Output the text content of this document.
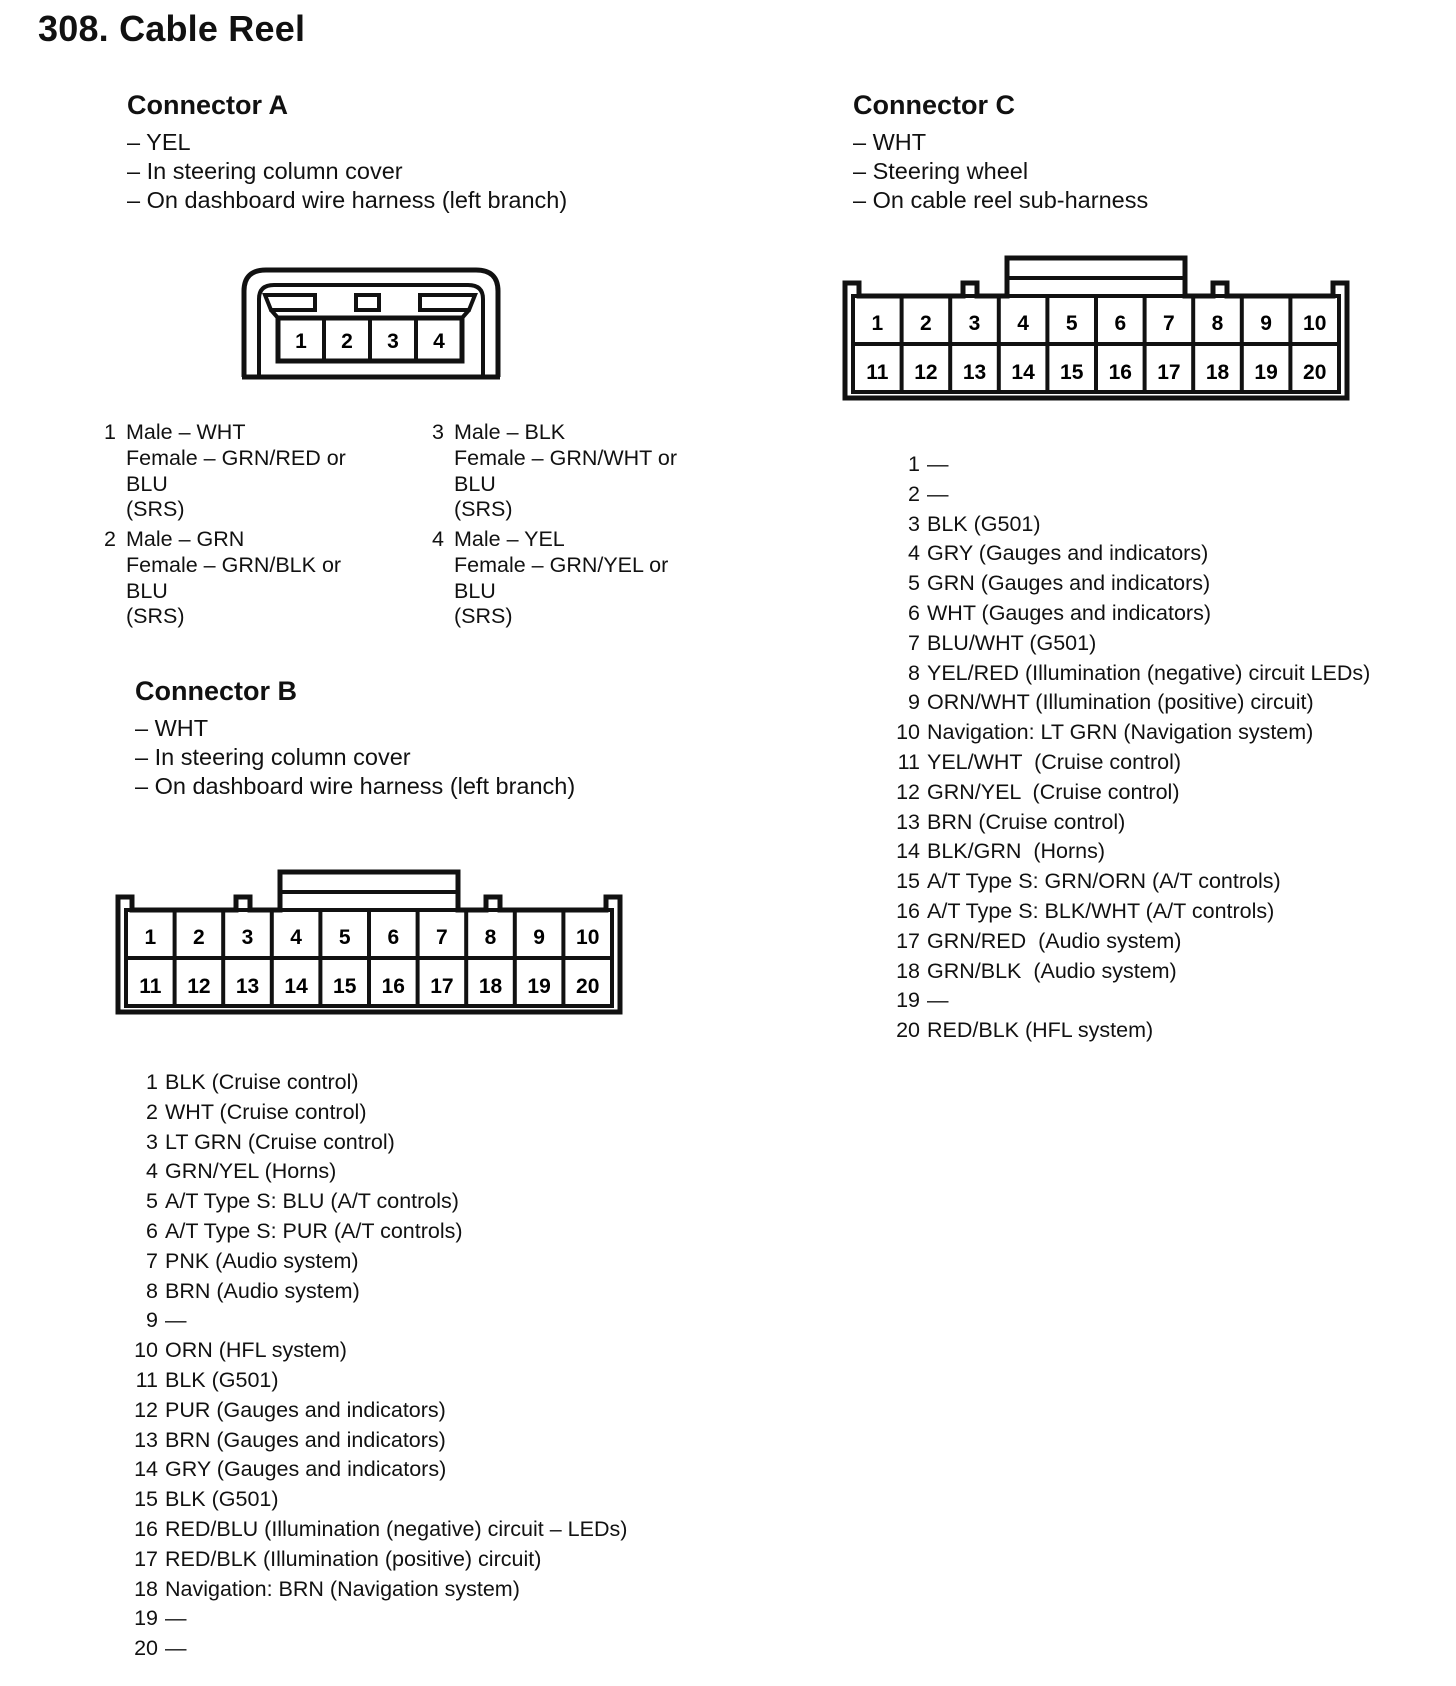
308. Cable Reel
Connector A
– YEL
– In steering column cover
– On dashboard wire harness (left branch)
1 2 3 4
1 Male – WHT
Female – GRN/RED or
BLU
(SRS)
2 Male – GRN
Female – GRN/BLK or
BLU
(SRS)
3 Male – BLK
Female – GRN/WHT or
BLU
(SRS)
4 Male – YEL
Female – GRN/YEL or
BLU
(SRS)
Connector B
– WHT
– In steering column cover
– On dashboard wire harness (left branch)
1 2 3 4 5 6 7 8 9 10
11 12 13 14 15 16 17 18 19 20
1 BLK (Cruise control)
2 WHT (Cruise control)
3 LT GRN (Cruise control)
4 GRN/YEL (Horns)
5 A/T Type S: BLU (A/T controls)
6 A/T Type S: PUR (A/T controls)
7 PNK (Audio system)
8 BRN (Audio system)
9 —
10 ORN (HFL system)
11 BLK (G501)
12 PUR (Gauges and indicators)
13 BRN (Gauges and indicators)
14 GRY (Gauges and indicators)
15 BLK (G501)
16 RED/BLU (Illumination (negative) circuit – LEDs)
17 RED/BLK (Illumination (positive) circuit)
18 Navigation: BRN (Navigation system)
19 —
20 —
Connector C
– WHT
– Steering wheel
– On cable reel sub-harness
1 2 3 4 5 6 7 8 9 10
11 12 13 14 15 16 17 18 19 20
1 —
2 —
3 BLK (G501)
4 GRY (Gauges and indicators)
5 GRN (Gauges and indicators)
6 WHT (Gauges and indicators)
7 BLU/WHT (G501)
8 YEL/RED (Illumination (negative) circuit LEDs)
9 ORN/WHT (Illumination (positive) circuit)
10 Navigation: LT GRN (Navigation system)
11 YEL/WHT  (Cruise control)
12 GRN/YEL  (Cruise control)
13 BRN (Cruise control)
14 BLK/GRN  (Horns)
15 A/T Type S: GRN/ORN (A/T controls)
16 A/T Type S: BLK/WHT (A/T controls)
17 GRN/RED  (Audio system)
18 GRN/BLK  (Audio system)
19 —
20 RED/BLK (HFL system)
